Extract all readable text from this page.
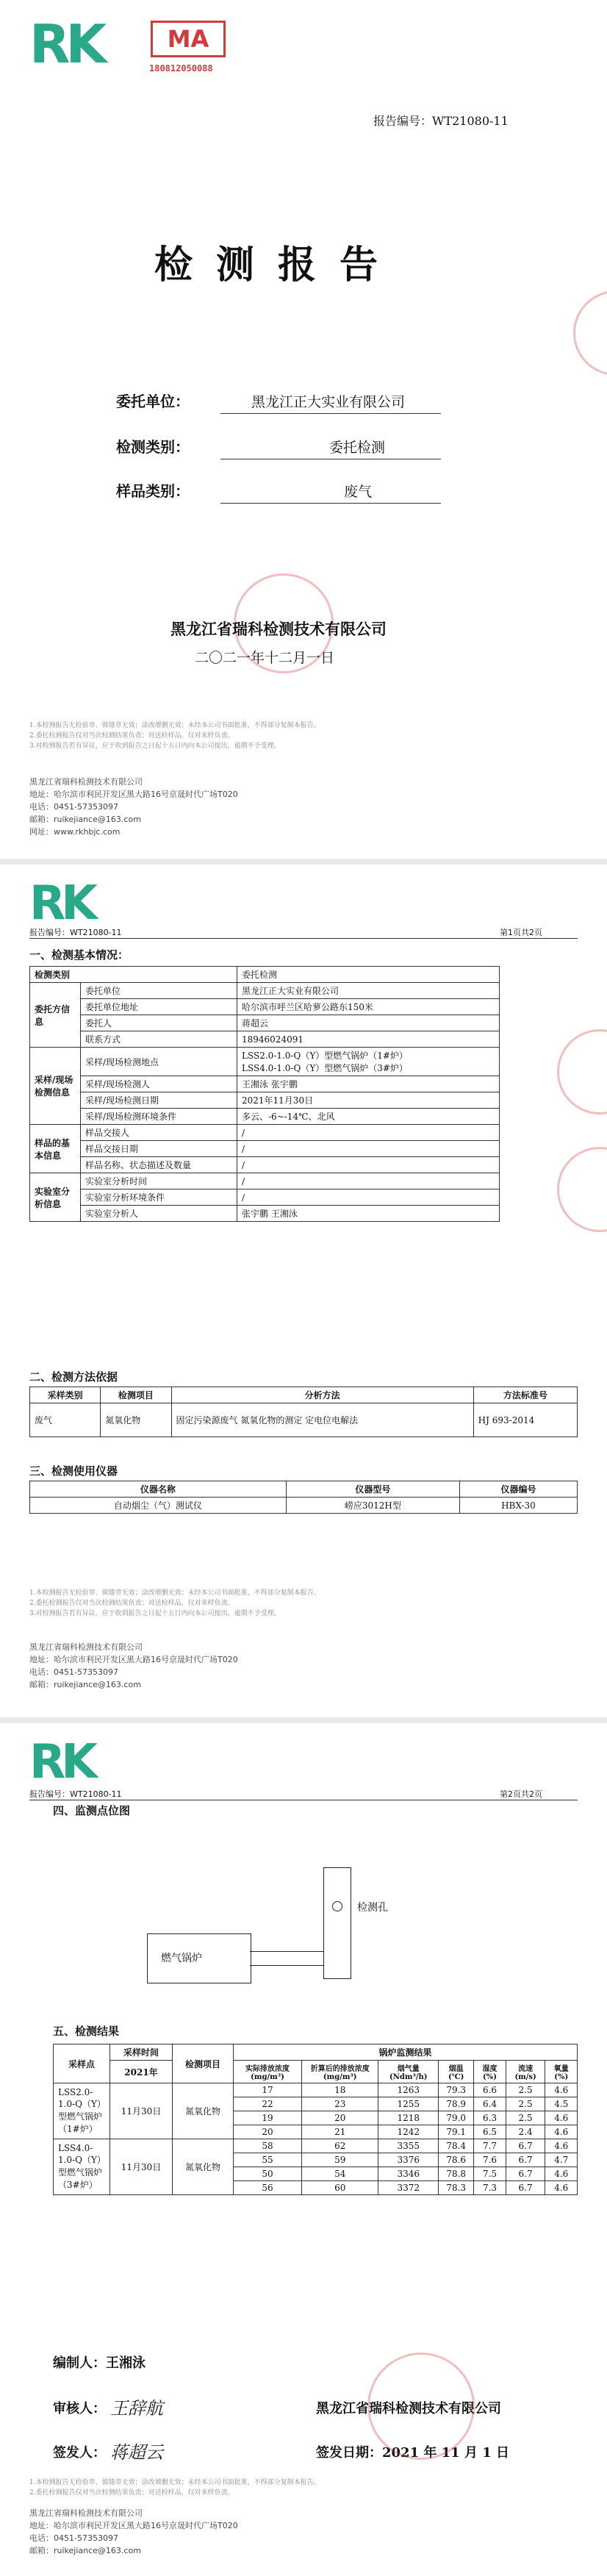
RK	MA
180812050088
报告编号：WT21080-11
检测报告
委托单位：	黑龙江正大实业有限公司
检测类别：	委托检测
样品类别：	废气
黑龙江省瑞科检测技术有限公司
二〇二一年十二月一日
1.本检测报告无检验章、骑缝章无效；涂改增删无效；未经本公司书面批准，不得部分复制本报告。
2.委托检测报告仅对当次检测结果负责；对送检样品，仅对来样负责。
3.对检测报告若有异议，应于收到报告之日起十五日内向本公司提出，逾期不予受理。
黑龙江省瑞科检测技术有限公司
地址：哈尔滨市利民开发区黑大路16号京晟时代广场T020
电话：0451-57353097
邮箱：ruikejiance@163.com
网址：www.rkhbjc.com
RK
报告编号：WT21080-11	第1页共2页
一、检测基本情况：
检测类别		委托检测
委托方信息	委托单位	黑龙江正大实业有限公司
	委托单位地址	哈尔滨市呼兰区哈萝公路东150米
	委托人	蒋超云
	联系方式	18946024091
采样/现场检测信息	采样/现场检测地点	LSS2.0-1.0-Q（Y）型燃气锅炉（1#炉）
LSS4.0-1.0-Q（Y）型燃气锅炉（3#炉）

	采样/现场检测人	王湘泳 张宇鹏
	采样/现场检测日期	2021年11月30日
	采样/现场检测环境条件	多云、-6~-14℃、北风
样品的基本信息	样品交接人	/
	样品交接日期	/
	样品名称、状态描述及数量	/
实验室分析信息	实验室分析时间	/
	实验室分析环境条件	/
	实验室分析人	张宇鹏 王湘泳
二、检测方法依据
采样类别	检测项目	分析方法	方法标准号
废气	氮氧化物	固定污染源废气 氮氧化物的测定 定电位电解法	HJ 693-2014
三、检测使用仪器
仪器名称	仪器型号	仪器编号
自动烟尘（气）测试仪	崂应3012H型	HBX-30
1.本检测报告无检验章、骑缝章无效；涂改增删无效；未经本公司书面批准，不得部分复制本报告。
2.委托检测报告仅对当次检测结果负责；对送检样品，仅对来样负责。
3.对检测报告若有异议，应于收到报告之日起十五日内向本公司提出，逾期不予受理。
黑龙江省瑞科检测技术有限公司
地址：哈尔滨市利民开发区黑大路16号京晟时代广场T020
电话：0451-57353097
邮箱：ruikejiance@163.com
RK
报告编号：WT21080-11	第2页共2页
四、监测点位图
燃气锅炉
检测孔
五、检测结果
采样点	采样时间	检测项目	锅炉监测结果						
	2021年		实际排放浓度(mg/m³)	折算后的排放浓度(mg/m³)	烟气量(Ndm³/h)	烟温(℃)	湿度(%)	流速(m/s)	氧量(%)

LSS2.0-1.0-Q（Y）型燃气锅炉（1#炉）	11月30日	氮氧化物	17	18	1263	79.3	6.6	2.5	4.6
			22	23	1255	78.9	6.4	2.5	4.5
			19	20	1218	79.0	6.3	2.5	4.6
			20	21	1242	79.1	6.5	2.4	4.6
LSS4.0-1.0-Q（Y）型燃气锅炉（3#炉）	11月30日	氮氧化物	58	62	3355	78.4	7.7	6.7	4.6
			55	59	3376	78.6	7.6	6.7	4.7
			50	54	3346	78.8	7.5	6.7	4.6
			56	60	3372	78.3	7.3	6.7	4.6
编制人：王湘泳
审核人： 王辞航	黑龙江省瑞科检测技术有限公司
签发人： 蒋超云	签发日期：2021 年 11 月 1 日
1.本检测报告无检验章、骑缝章无效；涂改增删无效；未经本公司书面批准，不得部分复制本报告。
2.委托检测报告仅对当次检测结果负责；对送检样品，仅对来样负责。
黑龙江省瑞科检测技术有限公司
地址：哈尔滨市利民开发区黑大路16号京晟时代广场T020
电话：0451-57353097
邮箱：ruikejiance@163.com
